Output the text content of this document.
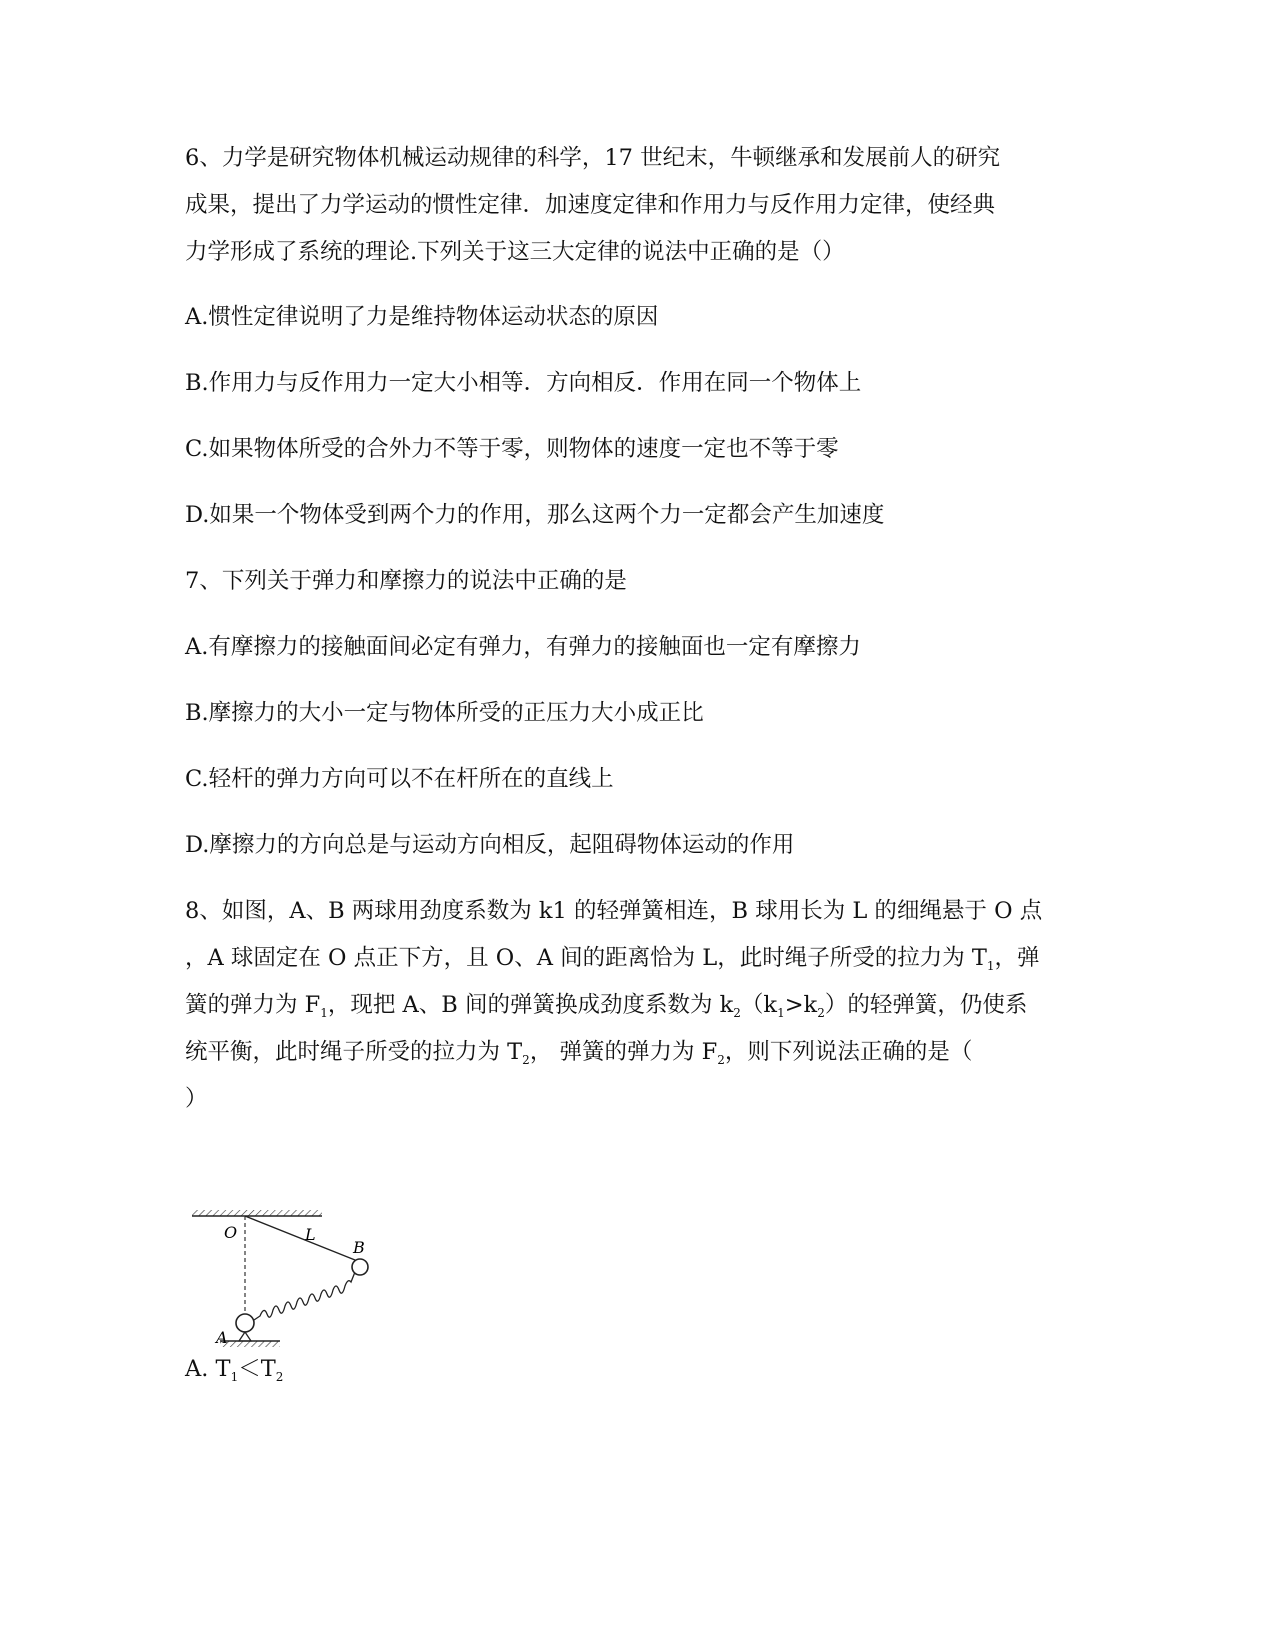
6、力学是研究物体机械运动规律的科学，17 世纪末，牛顿继承和发展前人的研究
成果，提出了力学运动的惯性定律．加速度定律和作用力与反作用力定律，使经典
力学形成了系统的理论.下列关于这三大定律的说法中正确的是（）
A.惯性定律说明了力是维持物体运动状态的原因
B.作用力与反作用力一定大小相等．方向相反．作用在同一个物体上
C.如果物体所受的合外力不等于零，则物体的速度一定也不等于零
D.如果一个物体受到两个力的作用，那么这两个力一定都会产生加速度
7、下列关于弹力和摩擦力的说法中正确的是
A.有摩擦力的接触面间必定有弹力，有弹力的接触面也一定有摩擦力
B.摩擦力的大小一定与物体所受的正压力大小成正比
C.轻杆的弹力方向可以不在杆所在的直线上
D.摩擦力的方向总是与运动方向相反，起阻碍物体运动的作用
8、如图，A、B 两球用劲度系数为 k1 的轻弹簧相连，B 球用长为 L 的细绳悬于 O 点
，A 球固定在 O 点正下方，且 O、A 间的距离恰为 L，此时绳子所受的拉力为 $T_1$，弹
簧的弹力为 $F_1$，现把 A、B 间的弹簧换成劲度系数为 $k_2(k_1>k_2)$的轻弹簧，仍使系
统平衡，此时绳子所受的拉力为 $T_2$， 弹簧的弹力为 $F_2$，则下列说法正确的是（
）
O	L
B
A
A. $T_1<T_2$
